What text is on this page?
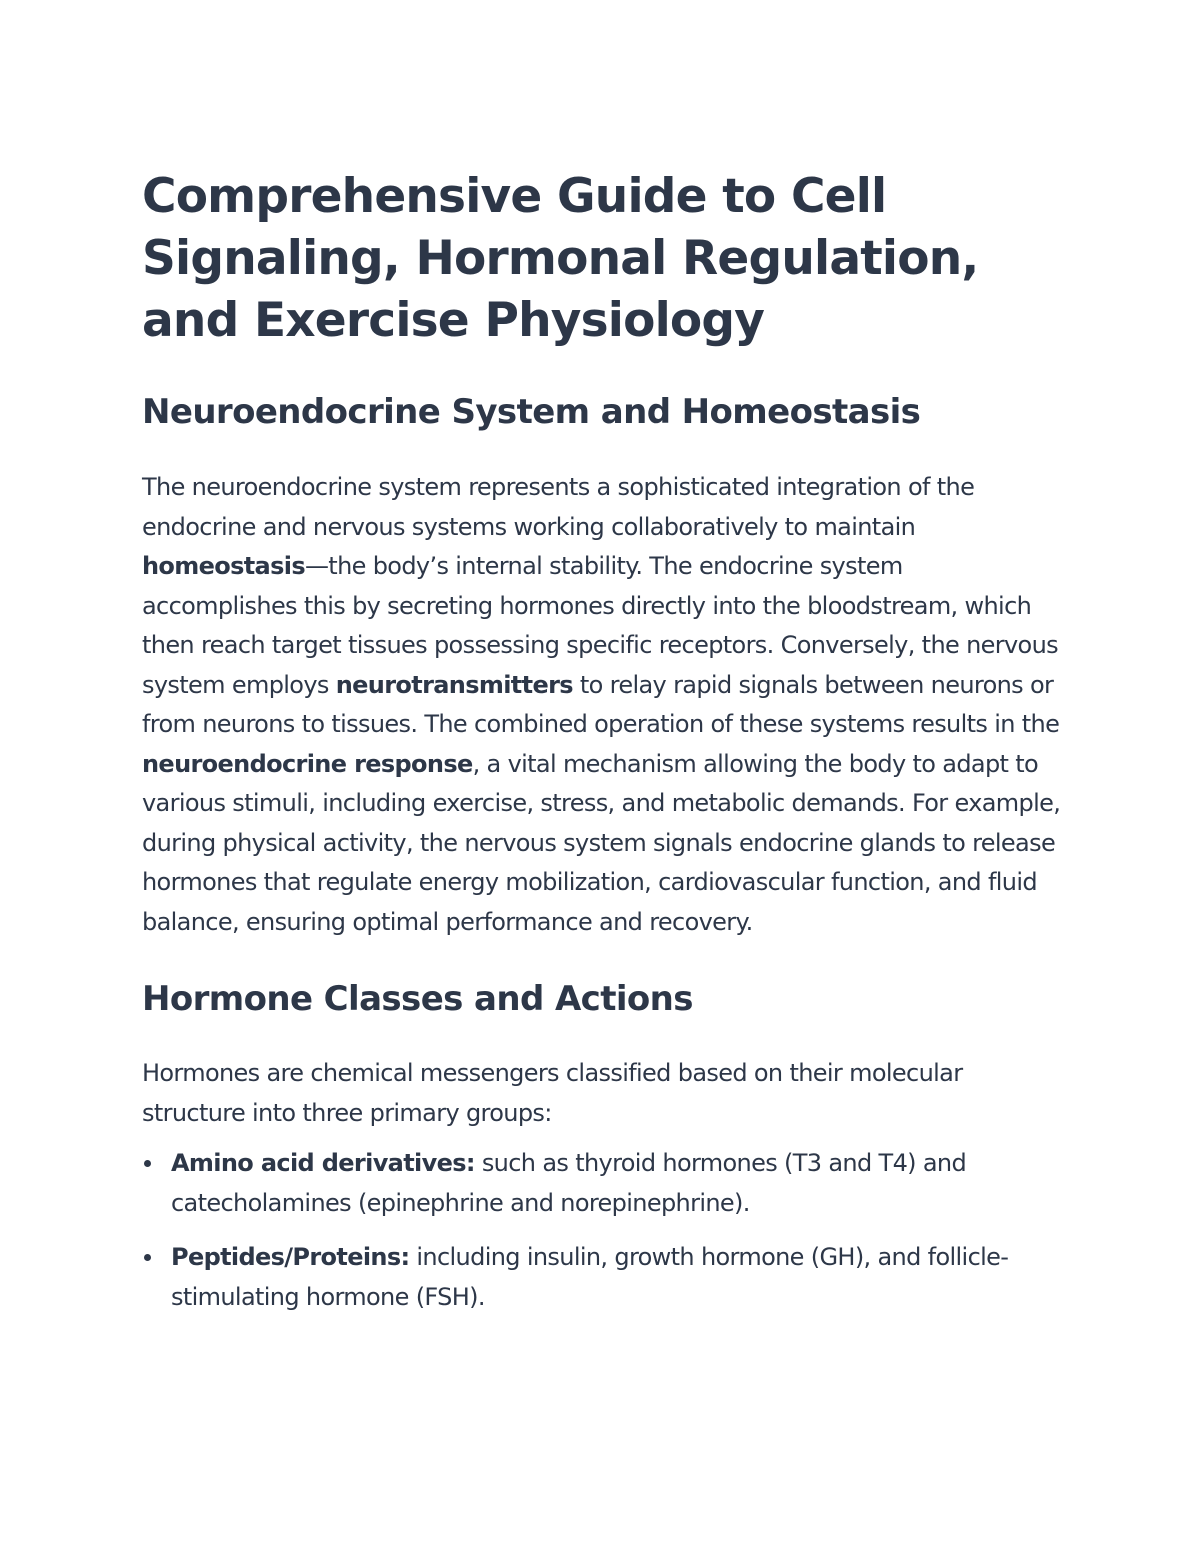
Comprehensive Guide to Cell Signaling, Hormonal Regulation, and Exercise Physiology
Neuroendocrine System and Homeostasis

The neuroendocrine system represents a sophisticated integration of the endocrine and nervous systems working collaboratively to maintain homeostasis—the body’s internal stability. The endocrine system accomplishes this by secreting hormones directly into the bloodstream, which then reach target tissues possessing specific receptors. Conversely, the nervous system employs neurotransmitters to relay rapid signals between neurons or from neurons to tissues. The combined operation of these systems results in the neuroendocrine response, a vital mechanism allowing the body to adapt to various stimuli, including exercise, stress, and metabolic demands. For example, during physical activity, the nervous system signals endocrine glands to release hormones that regulate energy mobilization, cardiovascular function, and fluid balance, ensuring optimal performance and recovery.

Hormone Classes and Actions

Hormones are chemical messengers classified based on their molecular structure into three primary groups:

Amino acid derivatives: such as thyroid hormones (T3 and T4) and catecholamines (epinephrine and norepinephrine).
Peptides/Proteins: including insulin, growth hormone (GH), and follicle-stimulating hormone (FSH).
